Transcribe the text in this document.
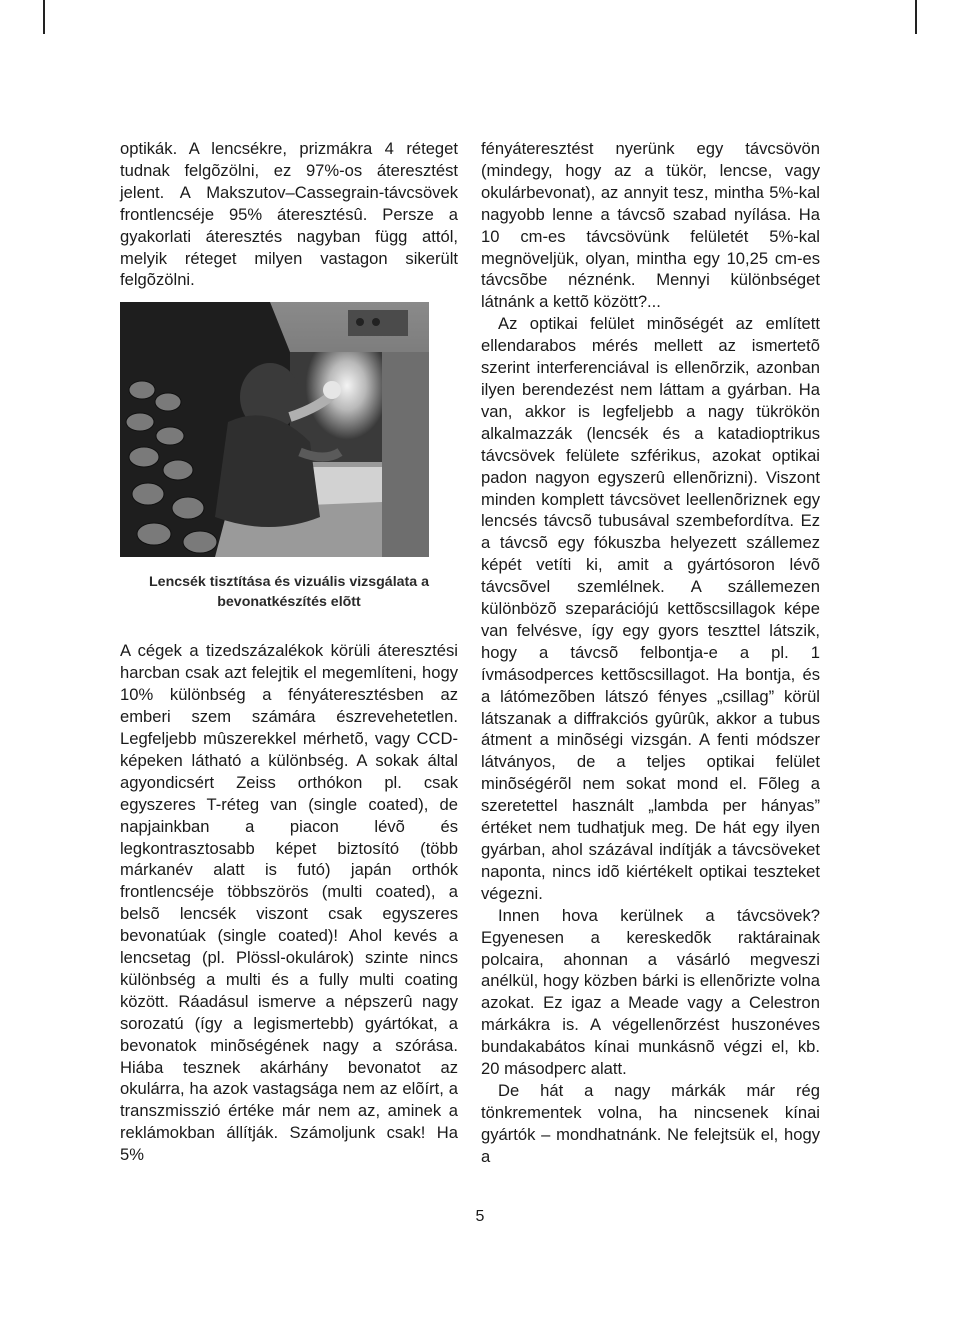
optikák. A lencsékre, prizmákra 4 réteget tudnak felgõzölni, ez 97%-os áteresztést jelent. A Makszutov–Cassegrain-távcsövek frontlencséje 95% áteresztésû. Persze a gyakorlati áteresztés nagyban függ attól, melyik réteget milyen vastagon sikerült felgõzölni.

Lencsék tisztítása és vizuális vizsgálata a
bevonatkészítés elõtt

A cégek a tizedszázalékok körüli áteresztési harcban csak azt felejtik el megemlíteni, hogy 10% különbség a fényáteresztésben az emberi szem számára észrevehetetlen. Legfeljebb mûszerekkel mérhetõ, vagy CCD-képeken látható a különbség. A sokak által agyondicsért Zeiss orthókon pl. csak egyszeres T-réteg van (single coated), de napjainkban a piacon lévõ és legkontrasztosabb képet biztosító (több márkanév alatt is futó) japán orthók frontlencséje többszörös (multi coated), a belsõ lencsék viszont csak egyszeres bevonatúak (single coated)! Ahol kevés a lencsetag (pl. Plössl-okulárok) szinte nincs különbség a multi és a fully multi coating között. Ráadásul ismerve a népszerû nagy sorozatú (így a legismertebb) gyártókat, a bevonatok minõségének nagy a szórása. Hiába tesznek akárhány bevonatot az okulárra, ha azok vastagsága nem az elõírt, a transzmisszió értéke már nem az, aminek a reklámokban állítják. Számoljunk csak! Ha 5%

fényáteresztést nyerünk egy távcsövön (mindegy, hogy az a tükör, lencse, vagy okulárbevonat), az annyit tesz, mintha 5%-kal nagyobb lenne a távcsõ szabad nyílása. Ha 10 cm-es távcsövünk felületét 5%-kal megnöveljük, olyan, mintha egy 10,25 cm-es távcsõbe néznénk. Mennyi különbséget látnánk a kettõ között?...

Az optikai felület minõségét az említett ellendarabos mérés mellett az ismertetõ szerint interferenciával is ellenõrzik, azonban ilyen berendezést nem láttam a gyárban. Ha van, akkor is legfeljebb a nagy tükrökön alkalmazzák (lencsék és a katadioptrikus távcsövek felülete szférikus, azokat optikai padon nagyon egyszerû ellenõrizni). Viszont minden komplett távcsövet leellenõriznek egy lencsés távcsõ tubusával szembefordítva. Ez a távcsõ egy fókuszba helyezett szállemez képét vetíti ki, amit a gyártósoron lévõ távcsõvel szemlélnek. A szállemezen különbözõ szeparációjú kettõscsillagok képe van felvésve, így egy gyors teszttel látszik, hogy a távcsõ felbontja-e a pl. 1 ívmásodperces kettõscsillagot. Ha bontja, és a látómezõben látszó fényes „csillag” körül látszanak a diffrakciós gyûrûk, akkor a tubus átment a minõségi vizsgán. A fenti módszer látványos, de a teljes optikai felület minõségérõl nem sokat mond el. Fõleg a szeretettel használt „lambda per hányas” értéket nem tudhatjuk meg. De hát egy ilyen gyárban, ahol százával indítják a távcsöveket naponta, nincs idõ kiértékelt optikai teszteket végezni.

Innen hova kerülnek a távcsövek? Egyenesen a kereskedõk raktárainak polcaira, ahonnan a vásárló megveszi anélkül, hogy közben bárki is ellenõrizte volna azokat. Ez igaz a Meade vagy a Celestron márkákra is. A végellenõrzést huszonéves bundakabátos kínai munkásnõ végzi el, kb. 20 másodperc alatt.

De hát a nagy márkák már rég tönkrementek volna, ha nincsenek kínai gyártók – mondhatnánk. Ne felejtsük el, hogy a

5
